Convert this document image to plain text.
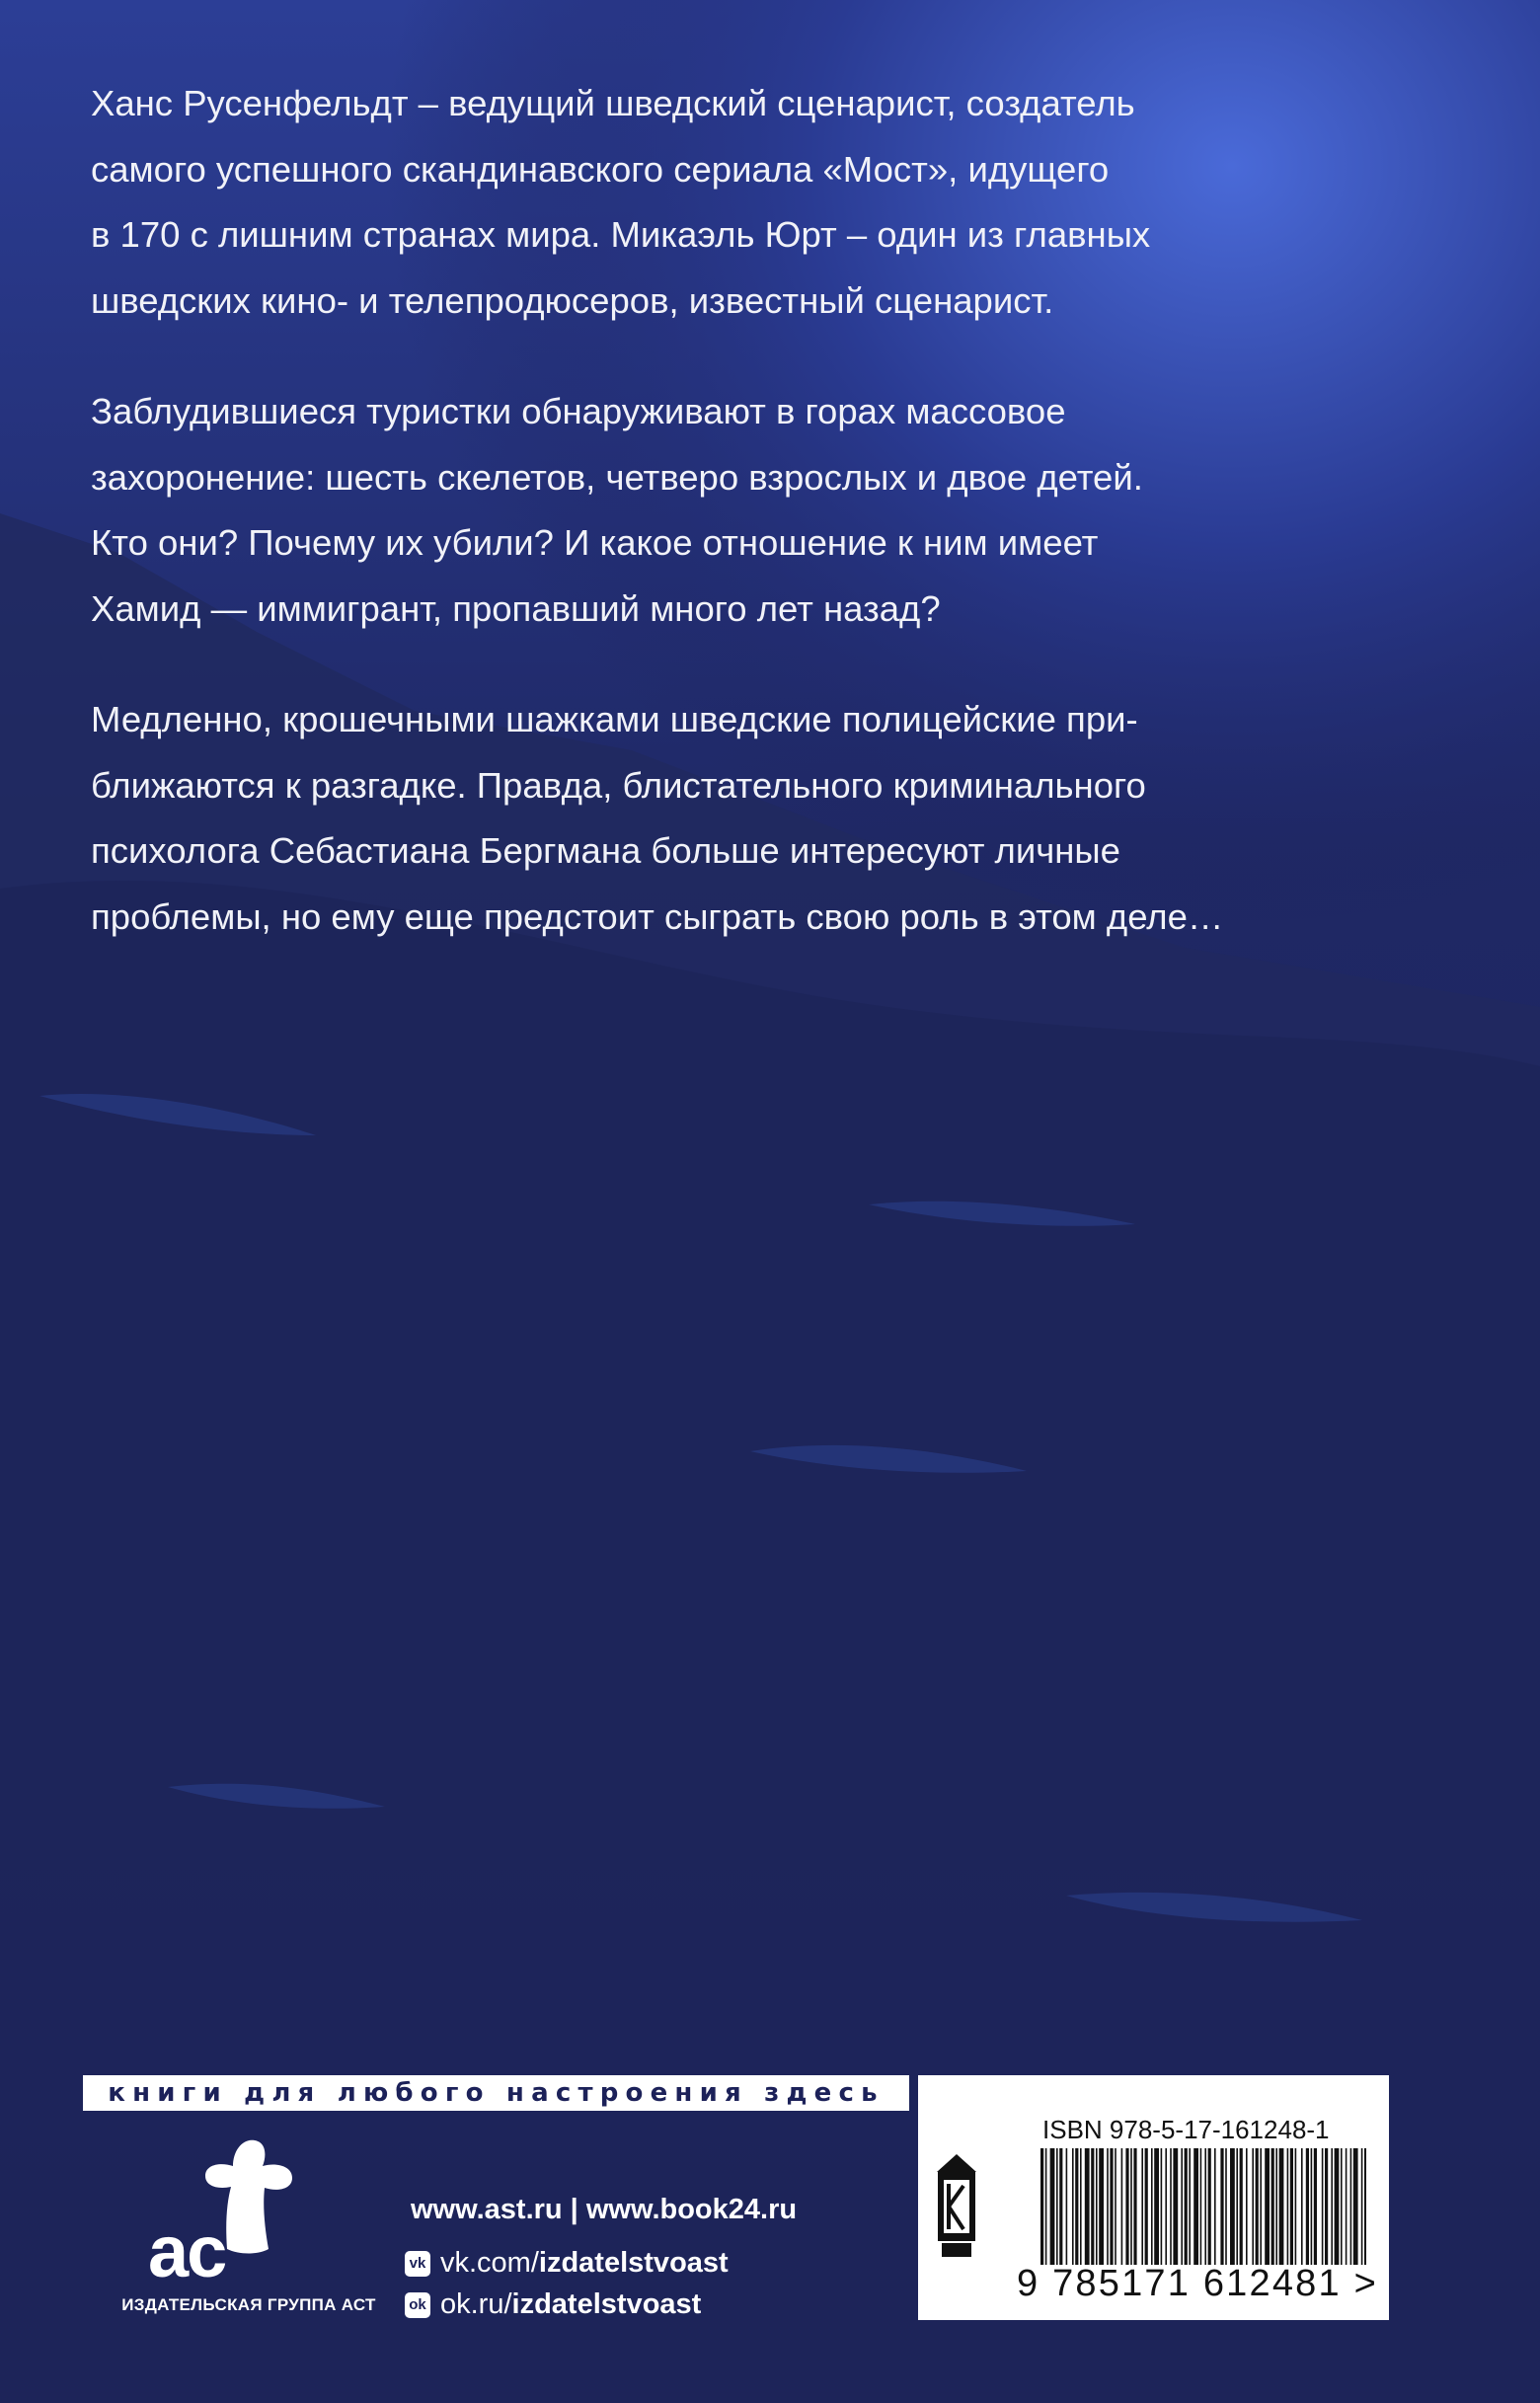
Ханс Русенфельдт – ведущий шведский сценарист, создатель
самого успешного скандинавского сериала «Мост», идущего
в 170 с лишним странах мира. Микаэль Юрт – один из главных
шведских кино- и телепродюсеров, известный сценарист.

Заблудившиеся туристки обнаруживают в горах массовое
захоронение: шесть скелетов, четверо взрослых и двое детей.
Кто они? Почему их убили? И какое отношение к ним имеет
Хамид — иммигрант, пропавший много лет назад?

Медленно, крошечными шажками шведские полицейские при-
ближаются к разгадке. Правда, блистательного криминального
психолога Себастиана Бергмана больше интересуют личные
проблемы, но ему еще предстоит сыграть свою роль в этом деле…

книги для любого настроения здесь
ас
ИЗДАТЕЛЬСКАЯ ГРУППА АСТ
www.ast.ru | www.book24.ru
vk vk.com/ izdatelstvoast
ok ok.ru/ izdatelstvoast
ISBN 978-5-17-161248-1
9 785171 612481 >
